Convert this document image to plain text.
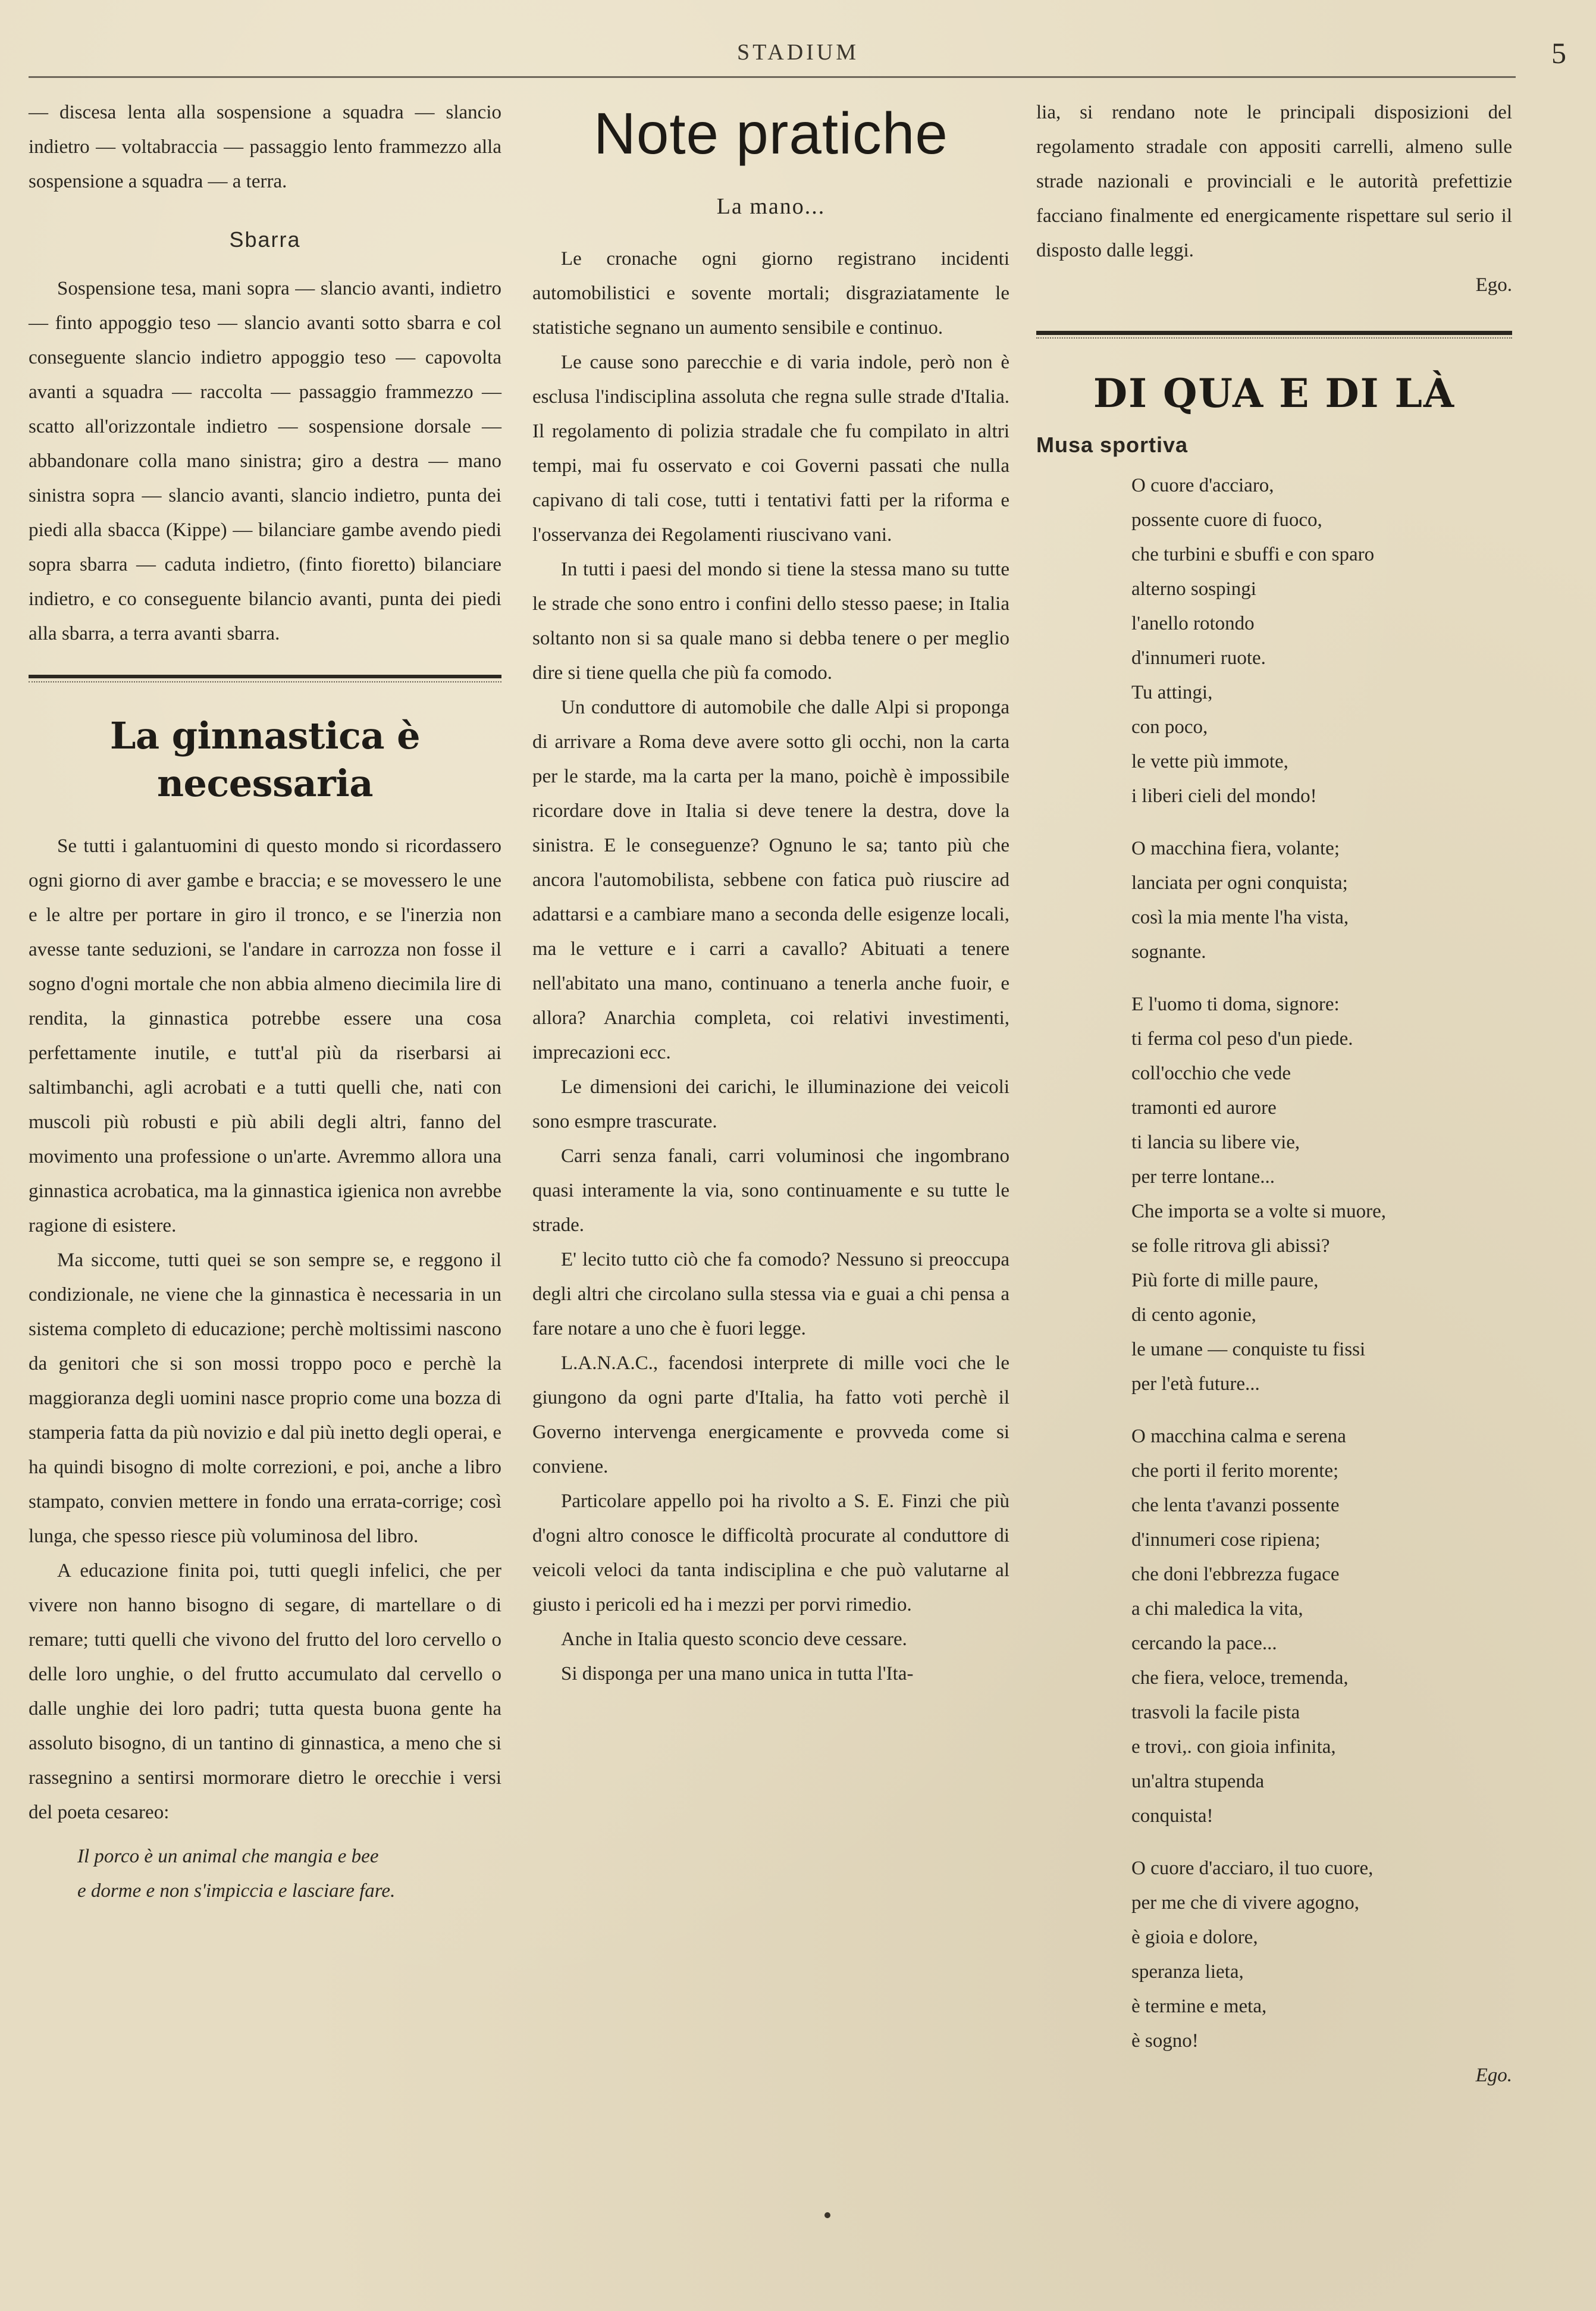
STADIUM	5

— discesa lenta alla sospensione a squadra — slancio indietro — voltabraccia — passaggio lento frammezzo alla sospensione a squadra — a terra.

Sbarra

Sospensione tesa, mani sopra — slancio avanti, indietro — finto appoggio teso — slancio avanti sotto sbarra e col conseguente slancio indietro appoggio teso — capovolta avanti a squadra — raccolta — passaggio frammezzo — scatto all'orizzontale indietro — sospensione dorsale — abbandonare colla mano sinistra; giro a destra — mano sinistra sopra — slancio avanti, slancio indietro, punta dei piedi alla sbacca (Kippe) — bilanciare gambe avendo piedi sopra sbarra — caduta indietro, (finto fioretto) bilanciare indietro, e co conseguente bilancio avanti, punta dei piedi alla sbarra, a terra avanti sbarra.

La ginnastica è necessaria

Se tutti i galantuomini di questo mondo si ricordassero ogni giorno di aver gambe e braccia; e se movessero le une e le altre per portare in giro il tronco, e se l'inerzia non avesse tante seduzioni, se l'andare in carrozza non fosse il sogno d'ogni mortale che non abbia almeno diecimila lire di rendita, la ginnastica potrebbe essere una cosa perfettamente inutile, e tutt'al più da riserbarsi ai saltimbanchi, agli acrobati e a tutti quelli che, nati con muscoli più robusti e più abili degli altri, fanno del movimento una professione o un'arte. Avremmo allora una ginnastica acrobatica, ma la ginnastica igienica non avrebbe ragione di esistere.

Ma siccome, tutti quei se son sempre se, e reggono il condizionale, ne viene che la ginnastica è necessaria in un sistema completo di educazione; perchè moltissimi nascono da genitori che si son mossi troppo poco e perchè la maggioranza degli uomini nasce proprio come una bozza di stamperia fatta da più novizio e dal più inetto degli operai, e ha quindi bisogno di molte correzioni, e poi, anche a libro stampato, convien mettere in fondo una errata-corrige; così lunga, che spesso riesce più voluminosa del libro.

A educazione finita poi, tutti quegli infelici, che per vivere non hanno bisogno di segare, di martellare o di remare; tutti quelli che vivono del frutto del loro cervello o delle loro unghie, o del frutto accumulato dal cervello o dalle unghie dei loro padri; tutta questa buona gente ha assoluto bisogno, di un tantino di ginnastica, a meno che si rassegnino a sentirsi mormorare dietro le orecchie i versi del poeta cesareo:

Il porco è un animal che mangia e bee

e dorme e non s'impiccia e lasciare fare.

Note pratiche
La mano...

Le cronache ogni giorno registrano incidenti automobilistici e sovente mortali; disgraziatamente le statistiche segnano un aumento sensibile e continuo.

Le cause sono parecchie e di varia indole, però non è esclusa l'indisciplina assoluta che regna sulle strade d'Italia. Il regolamento di polizia stradale che fu compilato in altri tempi, mai fu osservato e coi Governi passati che nulla capivano di tali cose, tutti i tentativi fatti per la riforma e l'osservanza dei Regolamenti riuscivano vani.

In tutti i paesi del mondo si tiene la stessa mano su tutte le strade che sono entro i confini dello stesso paese; in Italia soltanto non si sa quale mano si debba tenere o per meglio dire si tiene quella che più fa comodo.

Un conduttore di automobile che dalle Alpi si proponga di arrivare a Roma deve avere sotto gli occhi, non la carta per le starde, ma la carta per la mano, poichè è impossibile ricordare dove in Italia si deve tenere la destra, dove la sinistra. E le conseguenze? Ognuno le sa; tanto più che ancora l'automobilista, sebbene con fatica può riuscire ad adattarsi e a cambiare mano a seconda delle esigenze locali, ma le vetture e i carri a cavallo? Abituati a tenere nell'abitato una mano, continuano a tenerla anche fuoir, e allora? Anarchia completa, coi relativi investimenti, imprecazioni ecc.

Le dimensioni dei carichi, le illuminazione dei veicoli sono esmpre trascurate.

Carri senza fanali, carri voluminosi che ingombrano quasi interamente la via, sono continuamente e su tutte le strade.

E' lecito tutto ciò che fa comodo? Nessuno si preoccupa degli altri che circolano sulla stessa via e guai a chi pensa a fare notare a uno che è fuori legge.

L.A.N.A.C., facendosi interprete di mille voci che le giungono da ogni parte d'Italia, ha fatto voti perchè il Governo intervenga energicamente e provveda come si conviene.

Particolare appello poi ha rivolto a S. E. Finzi che più d'ogni altro conosce le difficoltà procurate al conduttore di veicoli veloci da tanta indisciplina e che può valutarne al giusto i pericoli ed ha i mezzi per porvi rimedio.

Anche in Italia questo sconcio deve cessare.

Si disponga per una mano unica in tutta l'Ita-

lia, si rendano note le principali disposizioni del regolamento stradale con appositi carrelli, almeno sulle strade nazionali e provinciali e le autorità prefettizie facciano finalmente ed energicamente rispettare sul serio il disposto dalle leggi.

Ego.

DI QUA E DI LÀ
Musa sportiva

O cuore d'acciaro,

possente cuore di fuoco,

che turbini e sbuffi e con sparo

alterno sospingi

l'anello rotondo

d'innumeri ruote.

Tu attingi,

con poco,

le vette più immote,

i liberi cieli del mondo!

O macchina fiera, volante;

lanciata per ogni conquista;

così la mia mente l'ha vista,

sognante.

E l'uomo ti doma, signore:

ti ferma col peso d'un piede.

coll'occhio che vede

tramonti ed aurore

ti lancia su libere vie,

per terre lontane...

Che importa se a volte si muore,

se folle ritrova gli abissi?

Più forte di mille paure,

di cento agonie,

le umane — conquiste tu fissi

per l'età future...

O macchina calma e serena

che porti il ferito morente;

che lenta t'avanzi possente

d'innumeri cose ripiena;

che doni l'ebbrezza fugace

a chi maledica la vita,

cercando la pace...

che fiera, veloce, tremenda,

trasvoli la facile pista

e trovi,. con gioia infinita,

un'altra stupenda

conquista!

O cuore d'acciaro, il tuo cuore,

per me che di vivere agogno,

è gioia e dolore,

speranza lieta,

è termine e meta,

è sogno!

Ego.
